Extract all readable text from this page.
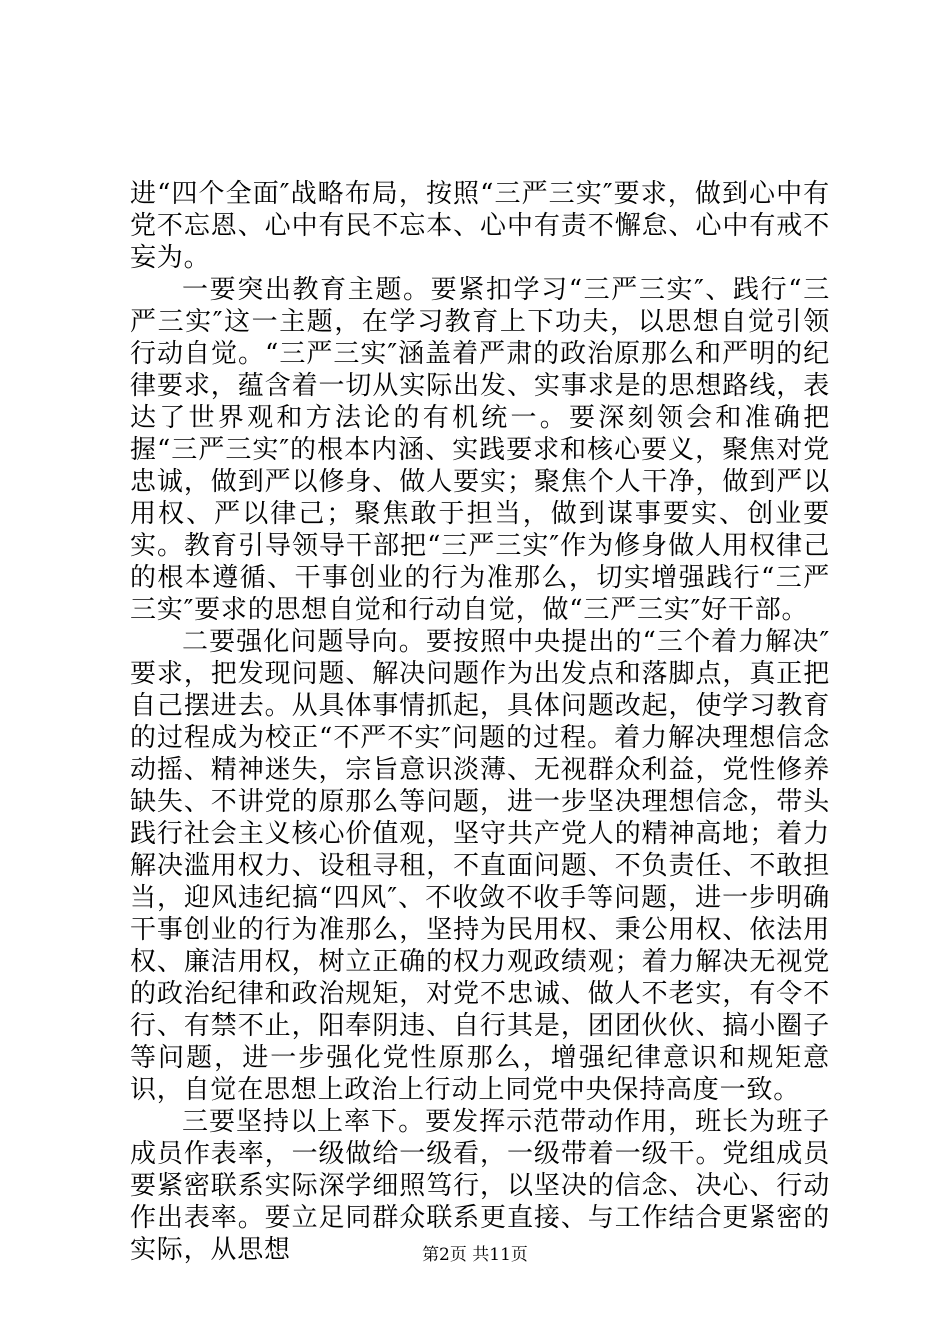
进“四个全面″战略布局，按照“三严三实″要求，做到心中有党不忘恩、心中有民不忘本、心中有责不懈怠、心中有戒不妄为。

一要突出教育主题。要紧扣学习“三严三实″、践行“三严三实″这一主题，在学习教育上下功夫，以思想自觉引领行动自觉。“三严三实″涵盖着严肃的政治原那么和严明的纪律要求，蕴含着一切从实际出发、实事求是的思想路线，表达了世界观和方法论的有机统一。要深刻领会和准确把握“三严三实″的根本内涵、实践要求和核心要义，聚焦对党忠诚，做到严以修身、做人要实；聚焦个人干净，做到严以用权、严以律己；聚焦敢于担当，做到谋事要实、创业要实。教育引导领导干部把“三严三实″作为修身做人用权律己的根本遵循、干事创业的行为准那么，切实增强践行“三严三实″要求的思想自觉和行动自觉，做“三严三实″好干部。

二要强化问题导向。要按照中央提出的“三个着力解决″要求，把发现问题、解决问题作为出发点和落脚点，真正把自己摆进去。从具体事情抓起，具体问题改起，使学习教育的过程成为校正“不严不实″问题的过程。着力解决理想信念动摇、精神迷失，宗旨意识淡薄、无视群众利益，党性修养缺失、不讲党的原那么等问题，进一步坚决理想信念，带头践行社会主义核心价值观，坚守共产党人的精神高地；着力解决滥用权力、设租寻租，不直面问题、不负责任、不敢担当，迎风违纪搞“四风″、不收敛不收手等问题，进一步明确干事创业的行为准那么，坚持为民用权、秉公用权、依法用权、廉洁用权，树立正确的权力观政绩观；着力解决无视党的政治纪律和政治规矩，对党不忠诚、做人不老实，有令不行、有禁不止，阳奉阴违、自行其是，团团伙伙、搞小圈子等问题，进一步强化党性原那么，增强纪律意识和规矩意识，自觉在思想上政治上行动上同党中央保持高度一致。

三要坚持以上率下。要发挥示范带动作用，班长为班子成员作表率，一级做给一级看，一级带着一级干。党组成员要紧密联系实际深学细照笃行，以坚决的信念、决心、行动作出表率。要立足同群众联系更直接、与工作结合更紧密的实际，从思想	第2页 共11页
